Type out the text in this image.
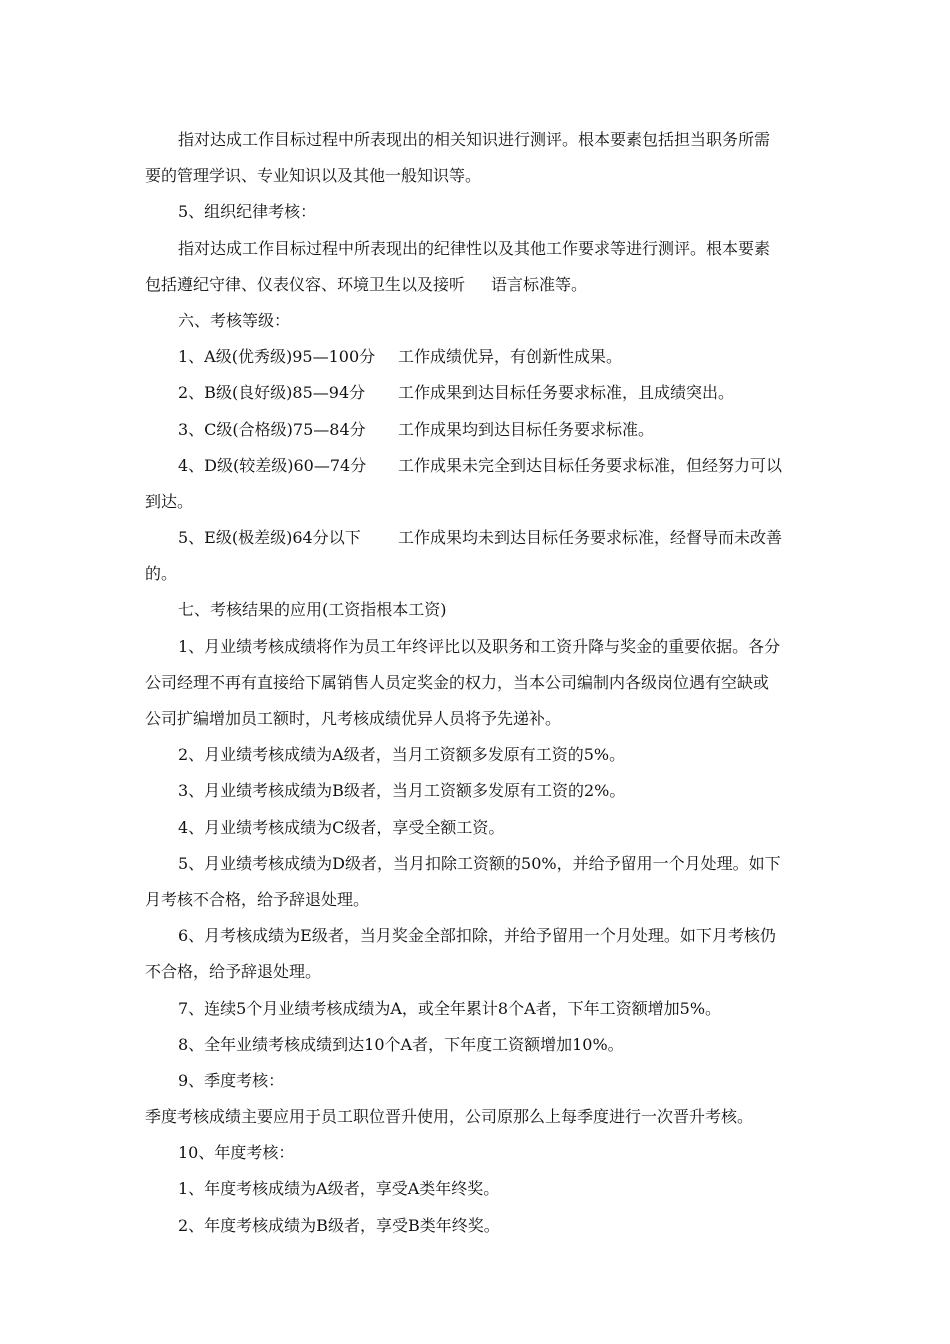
指对达成工作目标过程中所表现出的相关知识进行测评。根本要素包括担当职务所需
要的管理学识、专业知识以及其他一般知识等。
5、组织纪律考核：
指对达成工作目标过程中所表现出的纪律性以及其他工作要求等进行测评。根本要素
包括遵纪守律、仪表仪容、环境卫生以及接听 语言标准等。
六、考核等级：
1、A级(优秀级)95—100分 工作成绩优异，有创新性成果。
2、B级(良好级)85—94分 工作成果到达目标任务要求标准，且成绩突出。
3、C级(合格级)75—84分 工作成果均到达目标任务要求标准。
4、D级(较差级)60—74分 工作成果未完全到达目标任务要求标准，但经努力可以
到达。
5、E级(极差级)64分以下 工作成果均未到达目标任务要求标准，经督导而未改善
的。
七、考核结果的应用(工资指根本工资)
1、月业绩考核成绩将作为员工年终评比以及职务和工资升降与奖金的重要依据。各分
公司经理不再有直接给下属销售人员定奖金的权力，当本公司编制内各级岗位遇有空缺或
公司扩编增加员工额时，凡考核成绩优异人员将予先递补。
2、月业绩考核成绩为A级者，当月工资额多发原有工资的5%。
3、月业绩考核成绩为B级者，当月工资额多发原有工资的2%。
4、月业绩考核成绩为C级者，享受全额工资。
5、月业绩考核成绩为D级者，当月扣除工资额的50%，并给予留用一个月处理。如下
月考核不合格，给予辞退处理。
6、月考核成绩为E级者，当月奖金全部扣除，并给予留用一个月处理。如下月考核仍
不合格，给予辞退处理。
7、连续5个月业绩考核成绩为A，或全年累计8个A者，下年工资额增加5%。
8、全年业绩考核成绩到达10个A者，下年度工资额增加10%。
9、季度考核：
季度考核成绩主要应用于员工职位晋升使用，公司原那么上每季度进行一次晋升考核。
10、年度考核：
1、年度考核成绩为A级者，享受A类年终奖。
2、年度考核成绩为B级者，享受B类年终奖。
